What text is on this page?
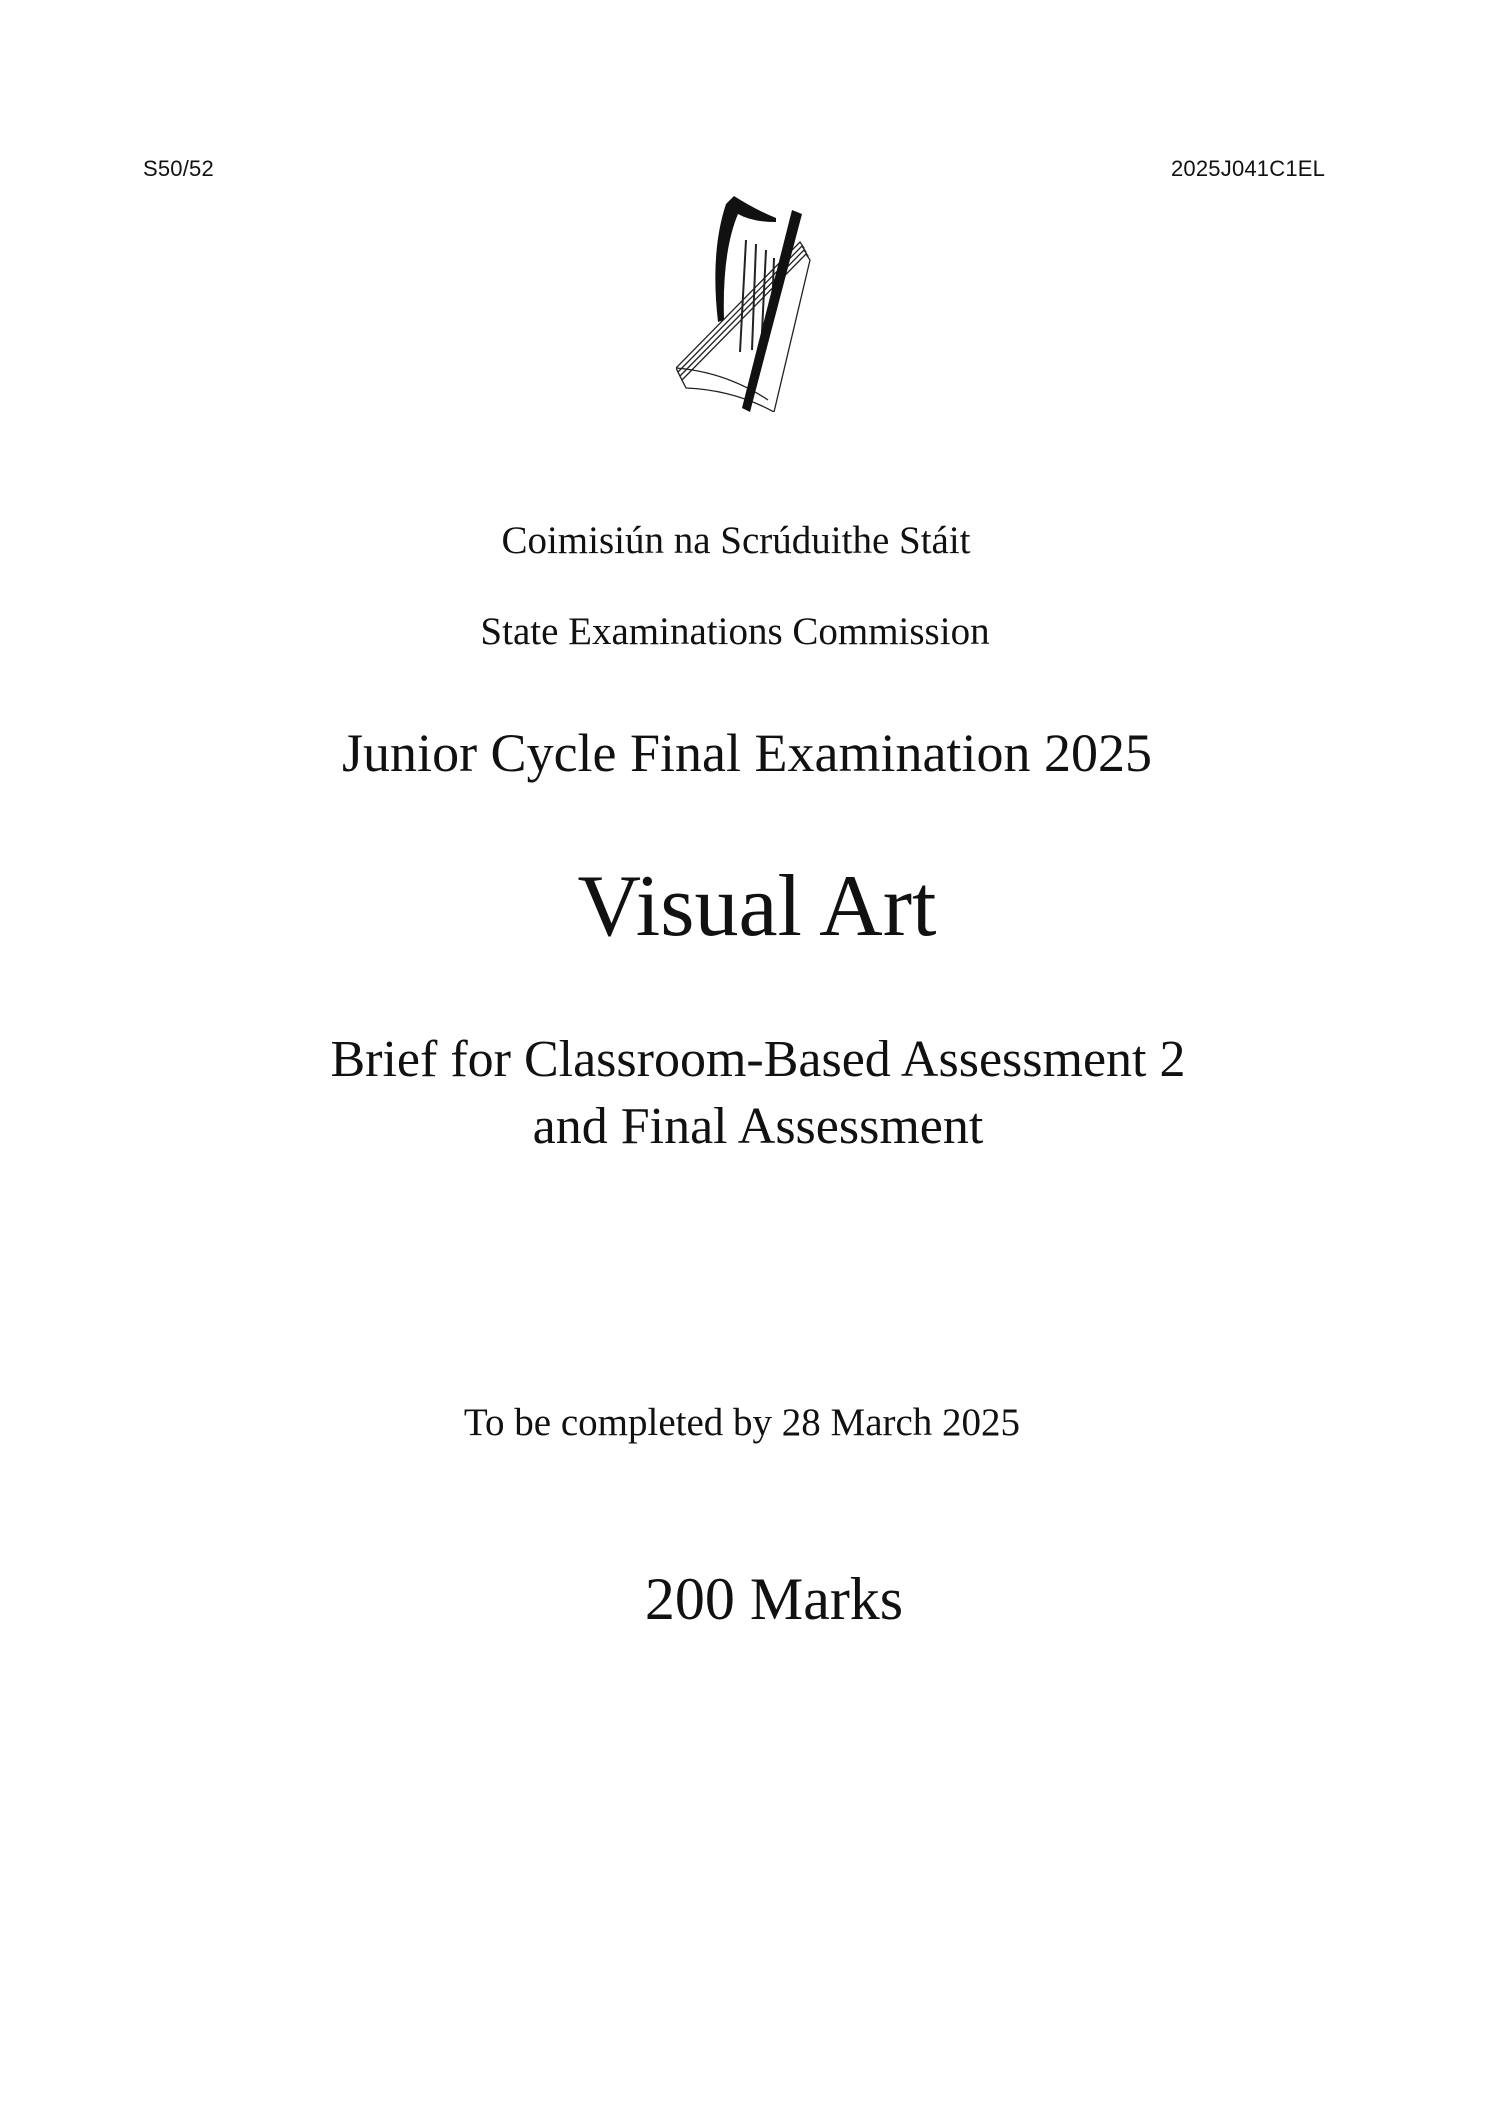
S50/52	2025J041C1EL
Coimisiún na Scrúduithe Stáit
State Examinations Commission
Junior Cycle Final Examination 2025
Visual Art
Brief for Classroom-Based Assessment 2
and Final Assessment
To be completed by 28 March 2025
200 Marks
